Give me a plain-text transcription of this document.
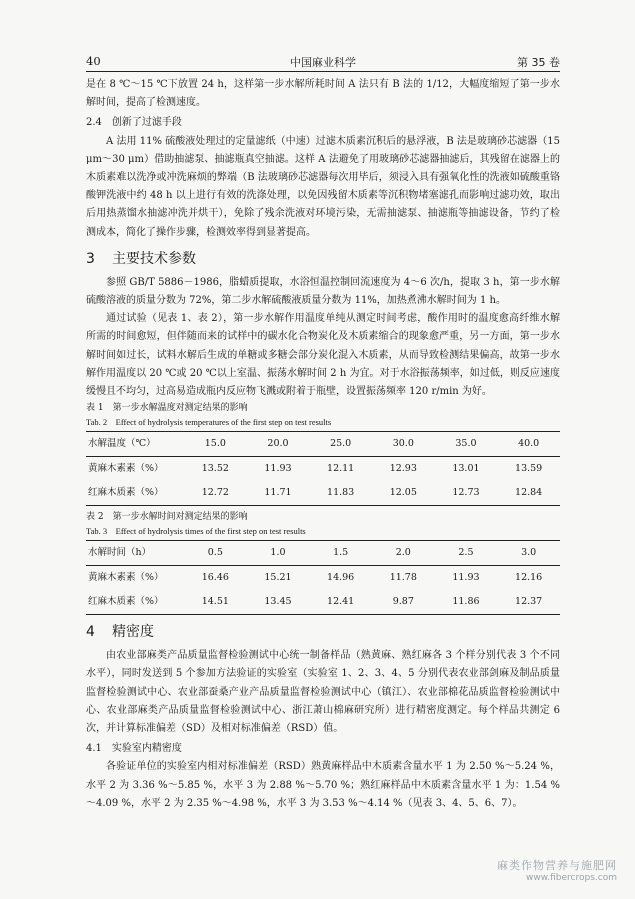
40	中国麻业科学	第 35 卷

是在 8 ℃～15 ℃下放置 24 h，这样第一步水解所耗时间 A 法只有 B 法的 1/12，大幅度缩短了第一步水解时间，提高了检测速度。

2.4　创新了过滤手段

A 法用 11% 硫酸液处理过的定量滤纸（中速）过滤木质素沉积后的悬浮液，B 法是玻璃砂芯滤器（15 μm～30 μm）借助抽滤泵、抽滤瓶真空抽滤。这样 A 法避免了用玻璃砂芯滤器抽滤后，其残留在滤器上的木质素难以洗净或冲洗麻烦的弊端（B 法玻璃砂芯滤器每次用毕后，须浸入具有强氧化性的洗液如硫酸重铬酸钾洗液中约 48 h 以上进行有效的洗涤处理，以免因残留木质素等沉积物堵塞滤孔而影响过滤功效，取出后用热蒸馏水抽滤冲洗并烘干），免除了残余洗液对环境污染，无需抽滤泵、抽滤瓶等抽滤设备，节约了检测成本，简化了操作步骤，检测效率得到显著提高。

3 主要技术参数

参照 GB/T 5886－1986，脂蜡质提取，水浴恒温控制回流速度为 4～6 次/h，提取 3 h，第一步水解硫酸溶液的质量分数为 72%，第二步水解硫酸液质量分数为 11%，加热煮沸水解时间为 1 h。

通过试验（见表 1、表 2），第一步水解作用温度单纯从测定时间考虑，酸作用时的温度愈高纤维水解所需的时间愈短，但伴随而来的试样中的碳水化合物炭化及木质素缩合的现象愈严重，另一方面，第一步水解时间如过长，试料水解后生成的单糖或多糖会部分炭化混入木质素，从而导致检测结果偏高，故第一步水解作用温度以 20 ℃或 20 ℃以上室温、振荡水解时间 2 h 为宜。对于水浴振荡频率，如过低，则反应速度缓慢且不均匀，过高易造成瓶内反应物飞溅或附着于瓶壁，设置振荡频率 120 r/min 为好。

表 1　第一步水解温度对测定结果的影响

Tab. 2　Effect of hydrolysis temperatures of the first step on test results

水解温度（℃）	15.0	20.0	25.0	30.0	35.0	40.0
黄麻木素素（%）	13.52	11.93	12.11	12.93	13.01	13.59
红麻木质素（%）	12.72	11.71	11.83	12.05	12.73	12.84

表 2　第一步水解时间对测定结果的影响

Tab. 3　Effect of hydrolysis times of the first step on test results

水解时间（h）	0.5	1.0	1.5	2.0	2.5	3.0
黄麻木素素（%）	16.46	15.21	14.96	11.78	11.93	12.16
红麻木质素（%）	14.51	13.45	12.41	9.87	11.86	12.37
4 精密度

由农业部麻类产品质量监督检验测试中心统一制备样品（熟黄麻、熟红麻各 3 个样分别代表 3 个不同水平），同时发送到 5 个参加方法验证的实验室（实验室 1、2、3、4、5 分别代表农业部剑麻及制品质量监督检验测试中心、农业部蚕桑产业产品质量监督检验测试中心（镇江）、农业部棉花品质监督检验测试中心、农业部麻类产品质量监督检验测试中心、浙江萧山棉麻研究所）进行精密度测定。每个样品共测定 6 次，并计算标准偏差（SD）及相对标准偏差（RSD）值。

4.1　实验室内精密度

各验证单位的实验室内相对标准偏差（RSD）熟黄麻样品中木质素含量水平 1 为 2.50 %～5.24 %，水平 2 为 3.36 %～5.85 %，水平 3 为 2.88 %～5.70 %；熟红麻样品中木质素含量水平 1 为：1.54 %～4.09 %，水平 2 为 2.35 %～4.98 %，水平 3 为 3.53 %～4.14 %（见表 3、4、5、6、7）。

麻类作物营养与施肥网
www.fibercrops.com
